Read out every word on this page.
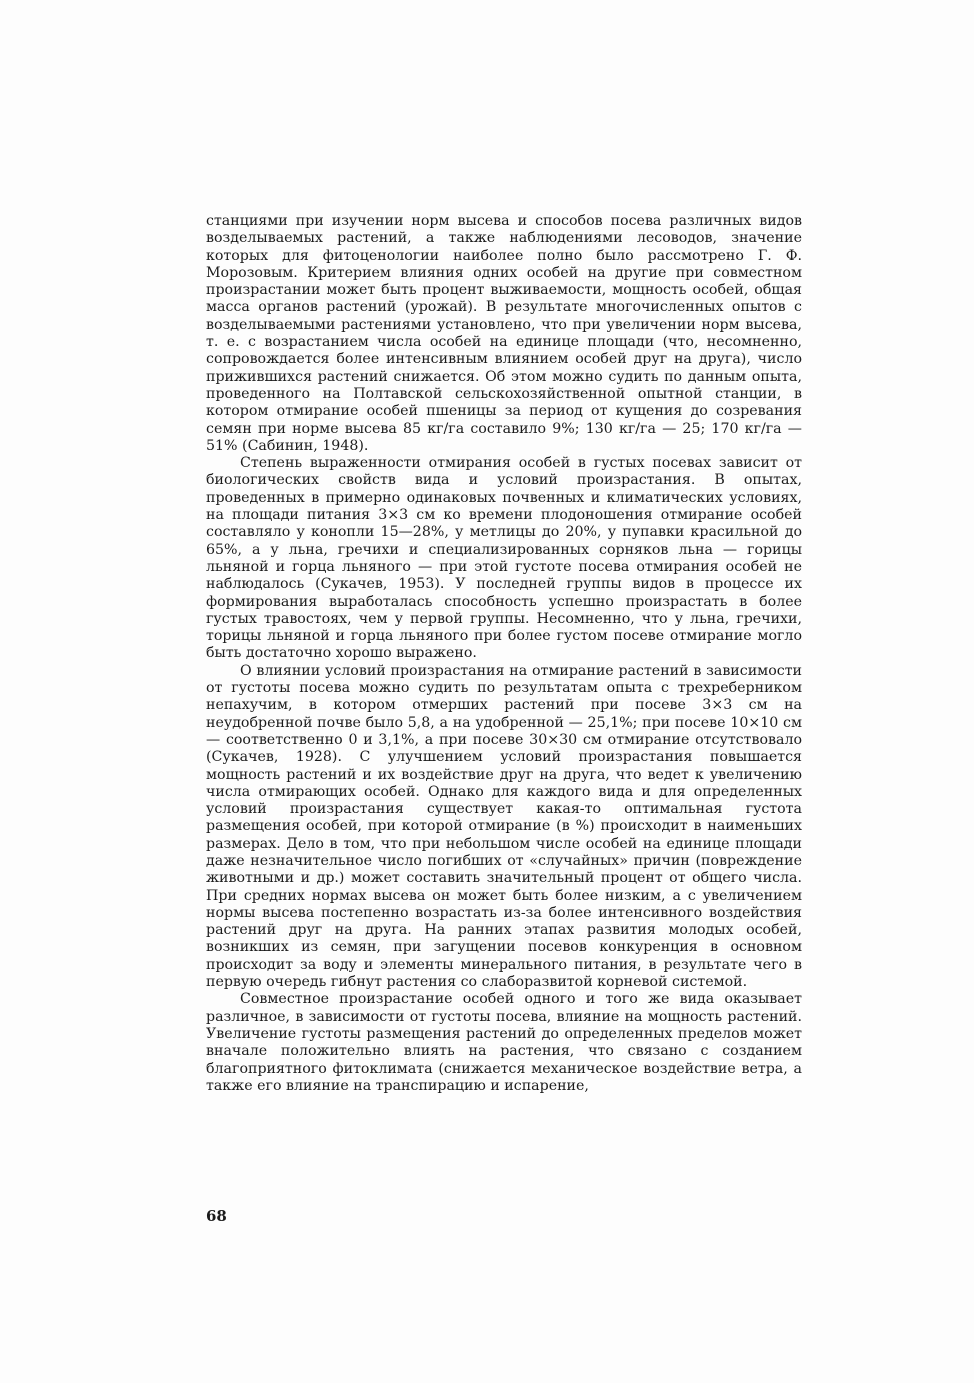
станциями при изучении норм высева и способов посева различных видов возделываемых растений, а также наблюдениями лесоводов, значение которых для фитоценологии наиболее полно было рассмотрено Г. Ф. Морозовым. Критерием влияния одних особей на другие при совместном произрастании может быть процент выживаемости, мощность особей, общая масса органов растений (урожай). В результате многочисленных опытов с возделываемыми растениями установлено, что при увеличении норм высева, т. е. с возрастанием числа особей на единице площади (что, несомненно, сопровождается более интенсивным влиянием особей друг на друга), число прижившихся растений снижается. Об этом можно судить по данным опыта, проведенного на Полтавской сельскохозяйственной опытной станции, в котором отмирание особей пшеницы за период от кущения до созревания семян при норме высева 85 кг/га составило 9%; 130 кг/га — 25; 170 кг/га — 51% (Сабинин, 1948).

Степень выраженности отмирания особей в густых посевах зависит от биологических свойств вида и условий произрастания. В опытах, проведенных в примерно одинаковых почвенных и климатических условиях, на площади питания 3×3 см ко времени плодоношения отмирание особей составляло у конопли 15—28%, у метлицы до 20%, у пупавки красильной до 65%, а у льна, гречихи и специализированных сорняков льна — горицы льняной и горца льняного — при этой густоте посева отмирания особей не наблюдалось (Сукачев, 1953). У последней группы видов в процессе их формирования выработалась способность успешно произрастать в более густых травостоях, чем у первой группы. Несомненно, что у льна, гречихи, торицы льняной и горца льняного при более густом посеве отмирание могло быть достаточно хорошо выражено.

О влиянии условий произрастания на отмирание растений в зависимости от густоты посева можно судить по результатам опыта с трехреберником непахучим, в котором отмерших растений при посеве 3×3 см на неудобренной почве было 5,8, а на удобренной — 25,1%; при посеве 10×10 см — соответственно 0 и 3,1%, а при посеве 30×30 см отмирание отсутствовало (Сукачев, 1928). С улучшением условий произрастания повышается мощность растений и их воздействие друг на друга, что ведет к увеличению числа отмирающих особей. Однако для каждого вида и для определенных условий произрастания существует какая-то оптимальная густота размещения особей, при которой отмирание (в %) происходит в наименьших размерах. Дело в том, что при небольшом числе особей на единице площади даже незначительное число погибших от «случайных» причин (повреждение животными и др.) может составить значительный процент от общего числа. При средних нормах высева он может быть более низким, а с увеличением нормы высева постепенно возрастать из-за более интенсивного воздействия растений друг на друга. На ранних этапах развития молодых особей, возникших из семян, при загущении посевов конкуренция в основном происходит за воду и элементы минерального питания, в результате чего в первую очередь гибнут растения со слаборазвитой корневой системой.

Совместное произрастание особей одного и того же вида оказывает различное, в зависимости от густоты посева, влияние на мощность растений. Увеличение густоты размещения растений до определенных пределов может вначале положительно влиять на растения, что связано с созданием благоприятного фитоклимата (снижается механическое воздействие ветра, а также его влияние на транспирацию и испарение,

68
